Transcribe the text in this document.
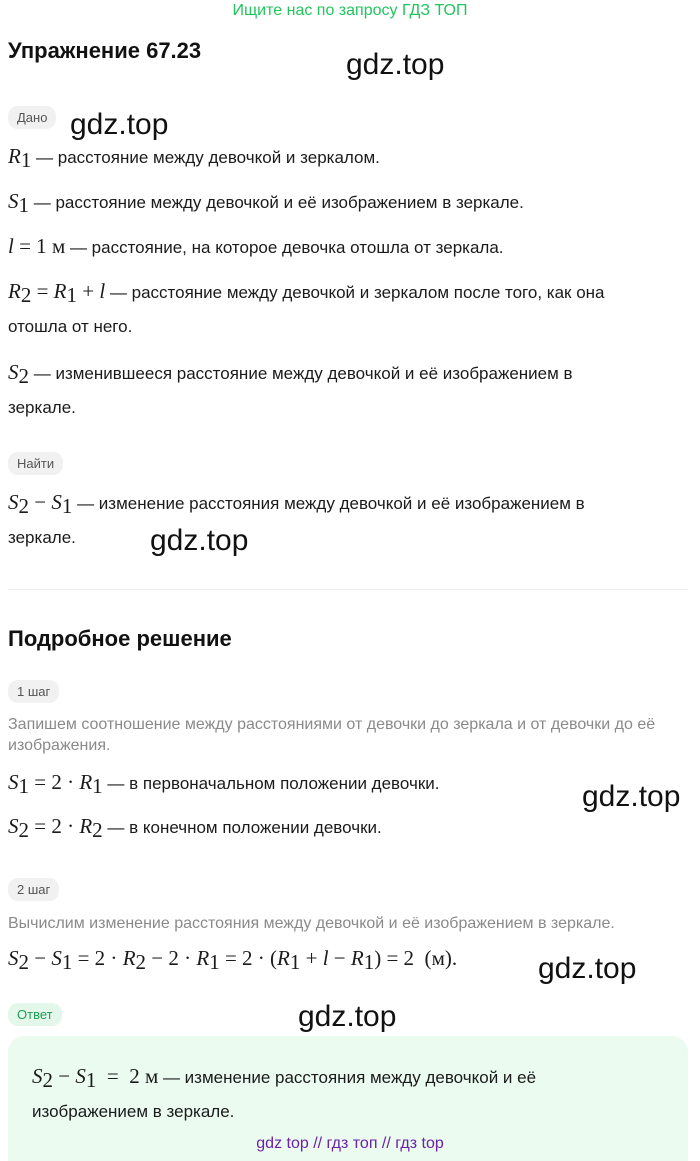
Ищите нас по запросу ГДЗ ТОП
Упражнение 67.23	gdz.top
gdz.top
gdz.top
gdz.top
gdz.top
gdz.top
Дано
$R_1$ — расстояние между девочкой и зеркалом.
$S_1$ — расстояние между девочкой и её изображением в зеркале.
l = 1 м — расстояние, на которое девочка отошла от зеркала.
$R_2 = R_1 + l$ — расстояние между девочкой и зеркалом после того, как она
отошла от него.
$S_2$ — изменившееся расстояние между девочкой и её изображением в
зеркале.
Найти
$S_2 - S_1$ — изменение расстояния между девочкой и её изображением в
зеркале.
Подробное решение
1 шаг
Запишем соотношение между расстояниями от девочки до зеркала и от девочки до её
изображения.
$S_1 = 2 \cdot R_1$ — в первоначальном положении девочки.
$S_2 = 2 \cdot R_2$ — в конечном положении девочки.
2 шаг
Вычислим изменение расстояния между девочкой и её изображением в зеркале.
$S_2 - S_1 = 2 \cdot R_2 - 2 \cdot R_1 = 2 \cdot (R_1 + l - R_1) = 2$  (м).
Ответ
$S_2 - S_1 = 2$ м — изменение расстояния между девочкой и её
изображением в зеркале.
gdz top // гдз топ // гдз top
